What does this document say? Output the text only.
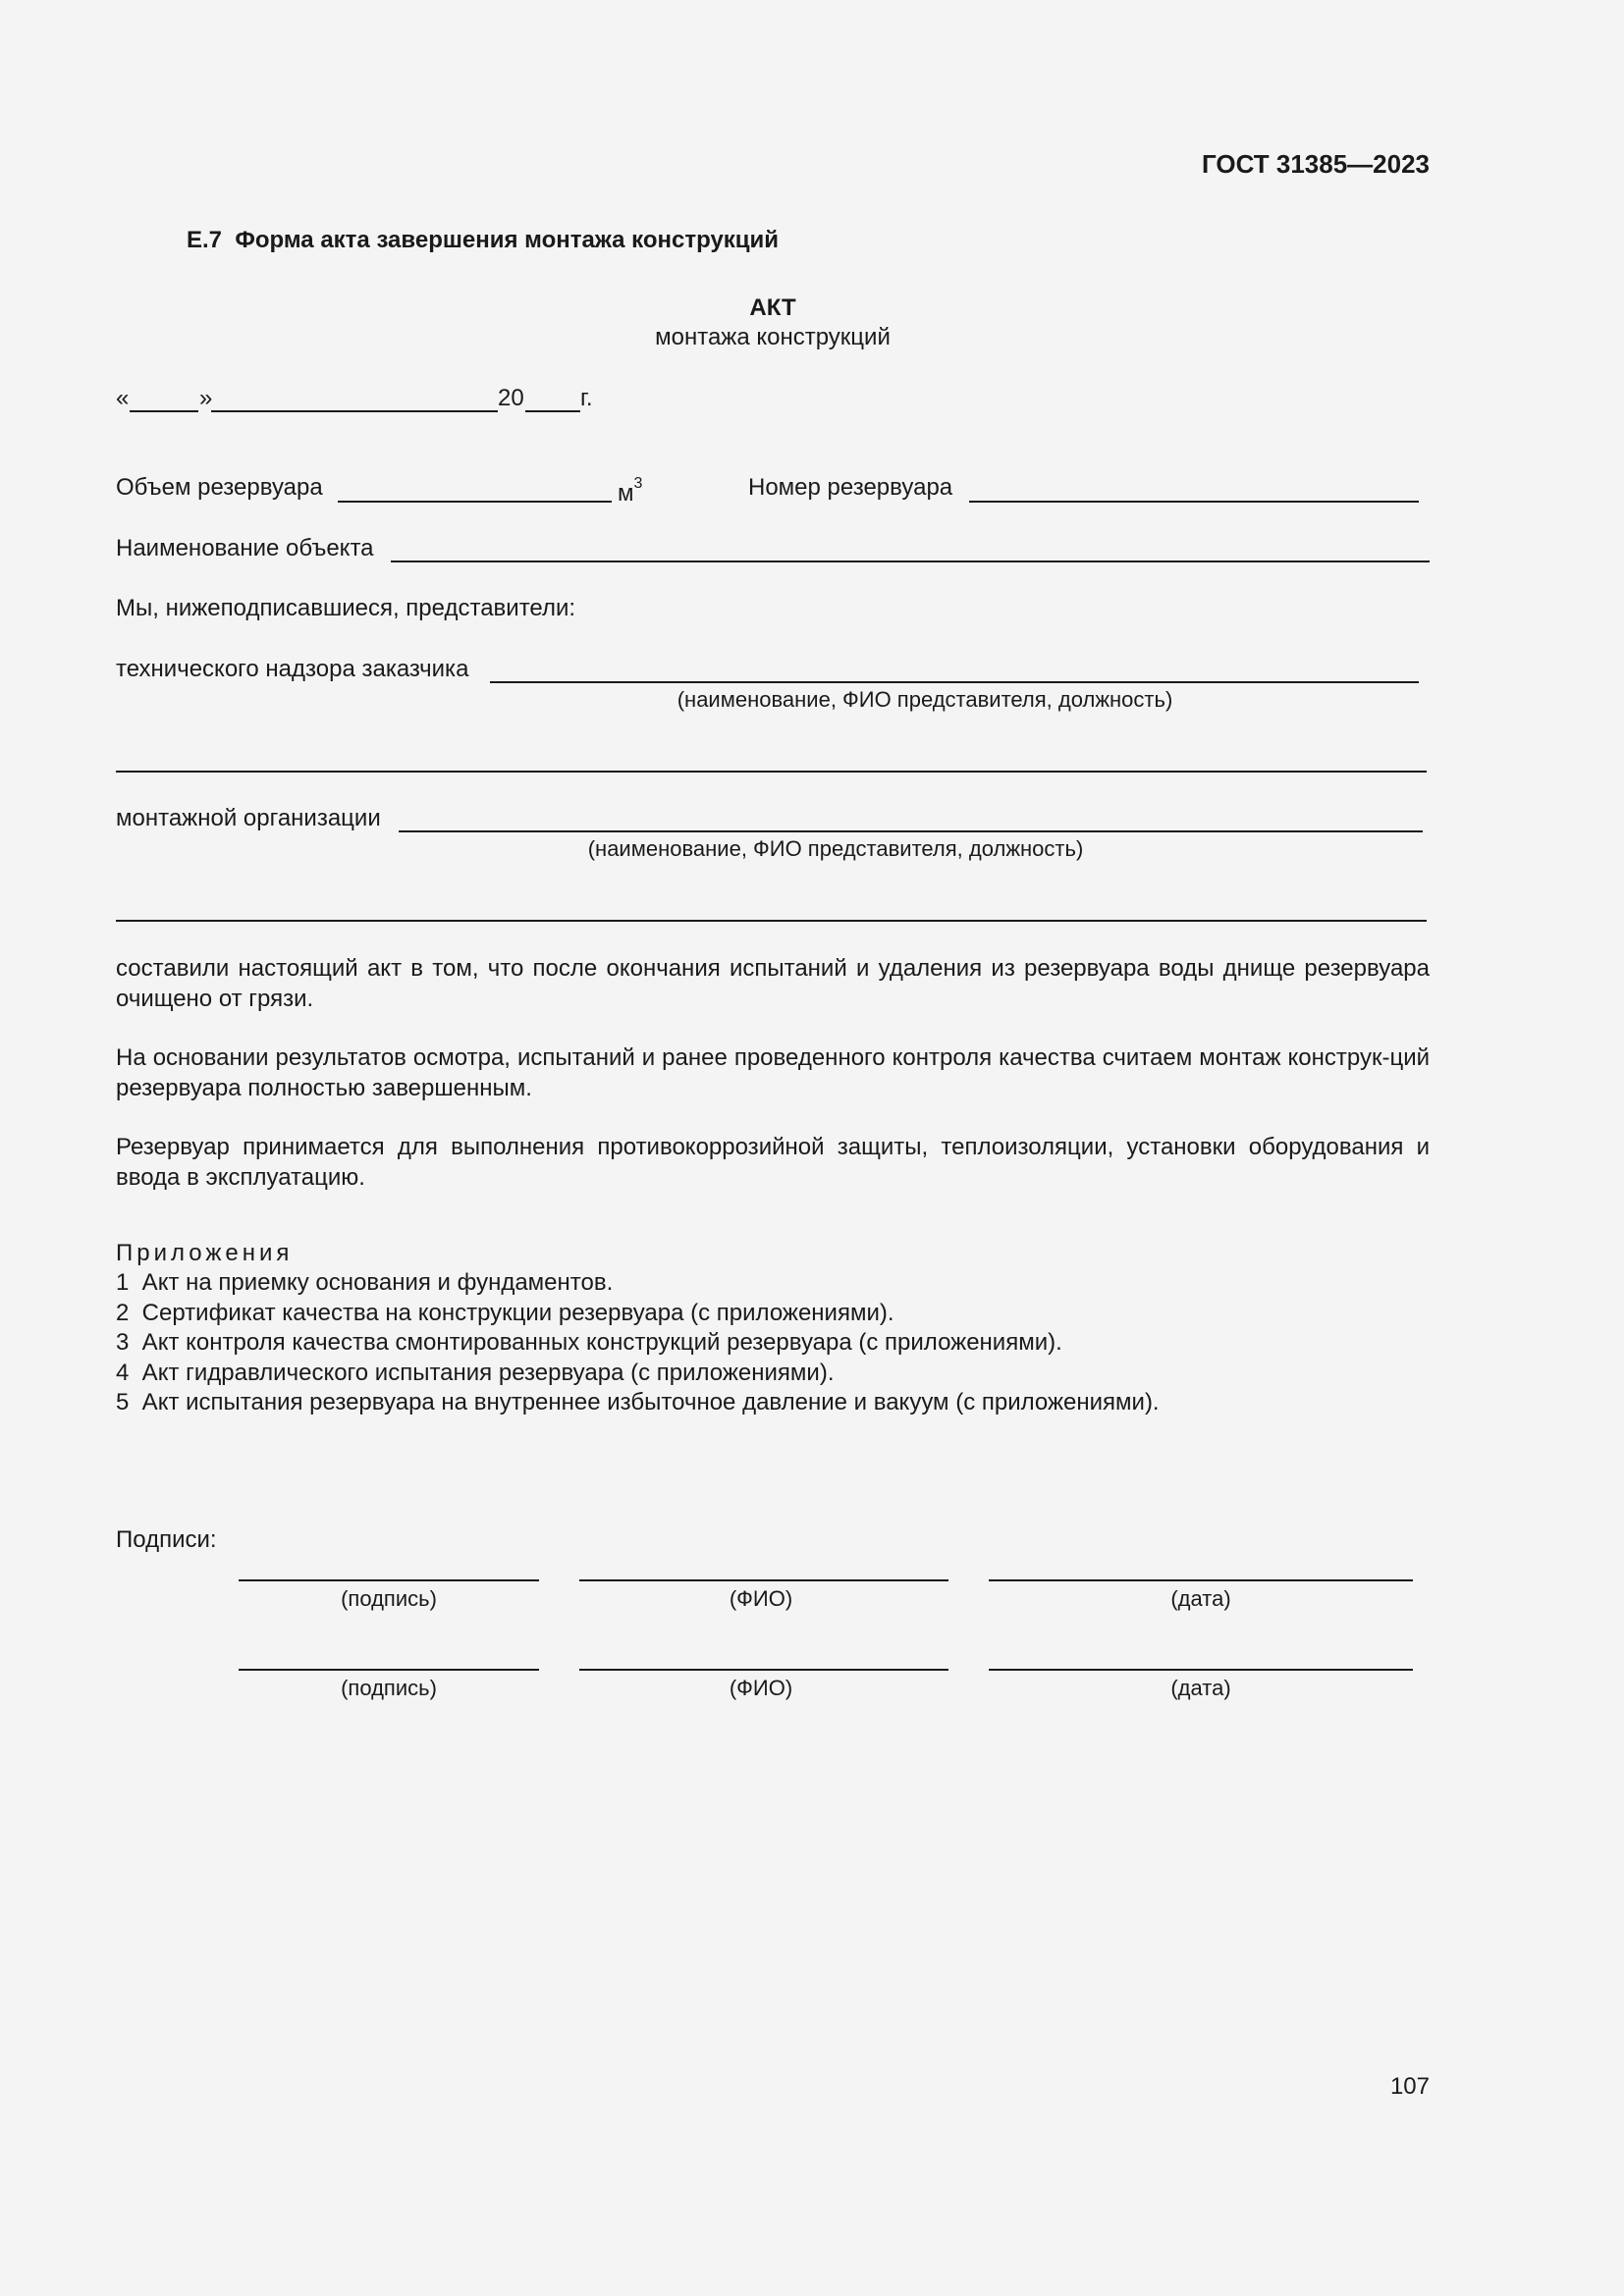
ГОСТ 31385—2023
Е.7 Форма акта завершения монтажа конструкций
АКТ
монтажа конструкций
«	»	20 г.
Объем резервуара	$м^3$	Номер резервуара
Наименование объекта
Мы, нижеподписавшиеся, представители:
технического надзора заказчика
(наименование, ФИО представителя, должность)
монтажной организации
(наименование, ФИО представителя, должность)
составили настоящий акт в том, что после окончания испытаний и удаления из резервуара воды днище резервуара очищено от грязи.
На основании результатов осмотра, испытаний и ранее проведенного контроля качества считаем монтаж конструк-ций резервуара полностью завершенным.
Резервуар принимается для выполнения противокоррозийной защиты, теплоизоляции, установки оборудования и ввода в эксплуатацию.
Приложения
1  Акт на приемку основания и фундаментов.
2  Сертификат качества на конструкции резервуара (с приложениями).
3  Акт контроля качества смонтированных конструкций резервуара (с приложениями).
4  Акт гидравлического испытания резервуара (с приложениями).
5  Акт испытания резервуара на внутреннее избыточное давление и вакуум (с приложениями).
Подписи:
(подпись)	(ФИО)	(дата)
(подпись)	(ФИО)	(дата)
107
